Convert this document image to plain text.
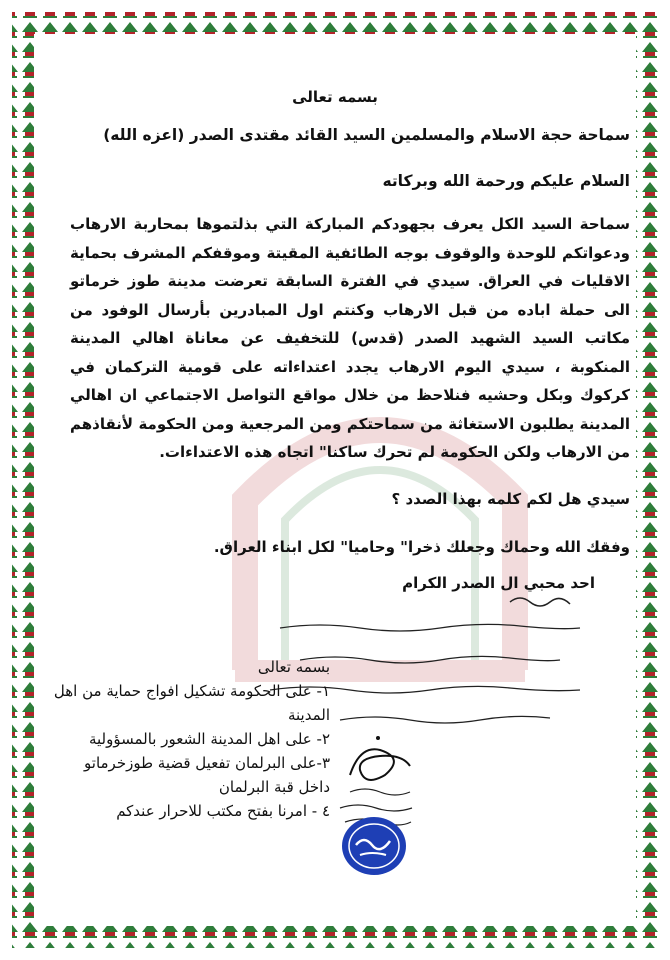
بسمه تعالى
سماحة حجة الاسلام والمسلمين السيد القائد مقتدى الصدر (اعزه الله)
السلام عليكم ورحمة الله وبركاته
سماحة السيد الكل يعرف بجهودكم المباركة التي بذلتموها بمحاربة الارهاب ودعواتكم للوحدة والوقوف بوجه الطائفية المقيتة وموقفكم المشرف بحماية الاقليات في العراق. سيدي في الفترة السابقة تعرضت مدينة طوز خرماتو الى حملة اباده من قبل الارهاب وكنتم اول المبادرين بأرسال الوفود من مكاتب السيد الشهيد الصدر (قدس) للتخفيف عن معاناة اهالي المدينة المنكوبة ، سيدي اليوم الارهاب يجدد اعتداءاته على قومية التركمان في كركوك وبكل وحشيه فنلاحظ من خلال مواقع التواصل الاجتماعي ان اهالي المدينة يطلبون الاستغاثة من سماحتكم ومن المرجعية ومن الحكومة لأنقاذهم من الارهاب ولكن الحكومة لم تحرك ساكنا" اتجاه هذه الاعتداءات.
سيدي هل لكم كلمه بهذا الصدد ؟
وفقك الله وحماك وجعلك ذخرا" وحاميا" لكل ابناء العراق.
احد محبي ال الصدر الكرام
بسمه تعالى
١- على الحكومة تشكيل افواج حماية من اهل المدينة
٢- على اهل المدينة الشعور بالمسؤولية
٣-على البرلمان تفعيل قضية طوزخرماتو داخل قبة البرلمان
٤ - امرنا بفتح مكتب للاحرار عندكم
